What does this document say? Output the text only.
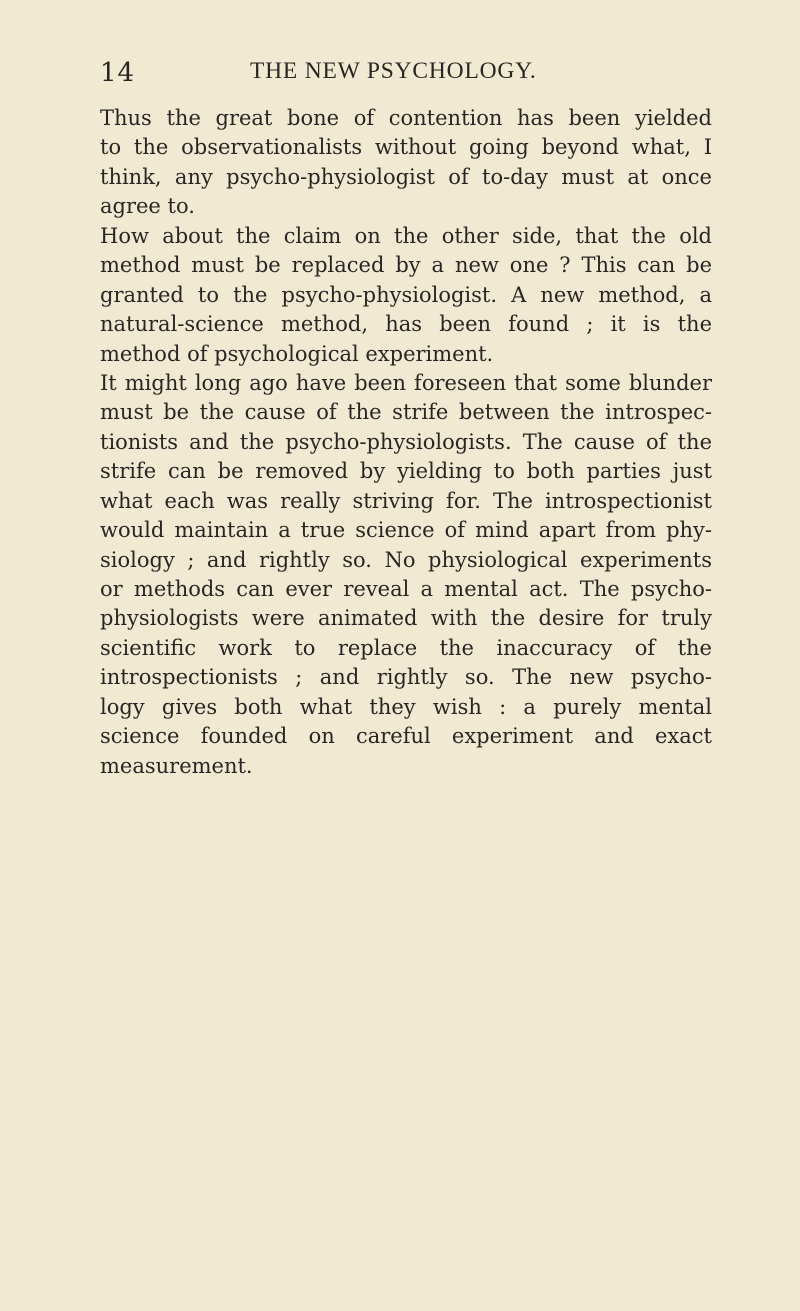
14	THE NEW PSYCHOLOGY.

Thus the great bone of contention has been yielded
to the observationalists without going beyond what, I
think, any psycho-physiologist of to-day must at once
agree to.

How about the claim on the other side, that the old
method must be replaced by a new one ? This can be
granted to the psycho-physiologist. A new method, a
natural-science method, has been found ; it is the
method of psychological experiment.

It might long ago have been foreseen that some blunder
must be the cause of the strife between the introspec-
tionists and the psycho-physiologists. The cause of the
strife can be removed by yielding to both parties just
what each was really striving for. The introspectionist
would maintain a true science of mind apart from phy-
siology ; and rightly so. No physiological experiments
or methods can ever reveal a mental act. The psycho-
physiologists were animated with the desire for truly
scientific work to replace the inaccuracy of the
introspectionists ; and rightly so. The new psycho-
logy gives both what they wish : a purely mental
science founded on careful experiment and exact
measurement.
